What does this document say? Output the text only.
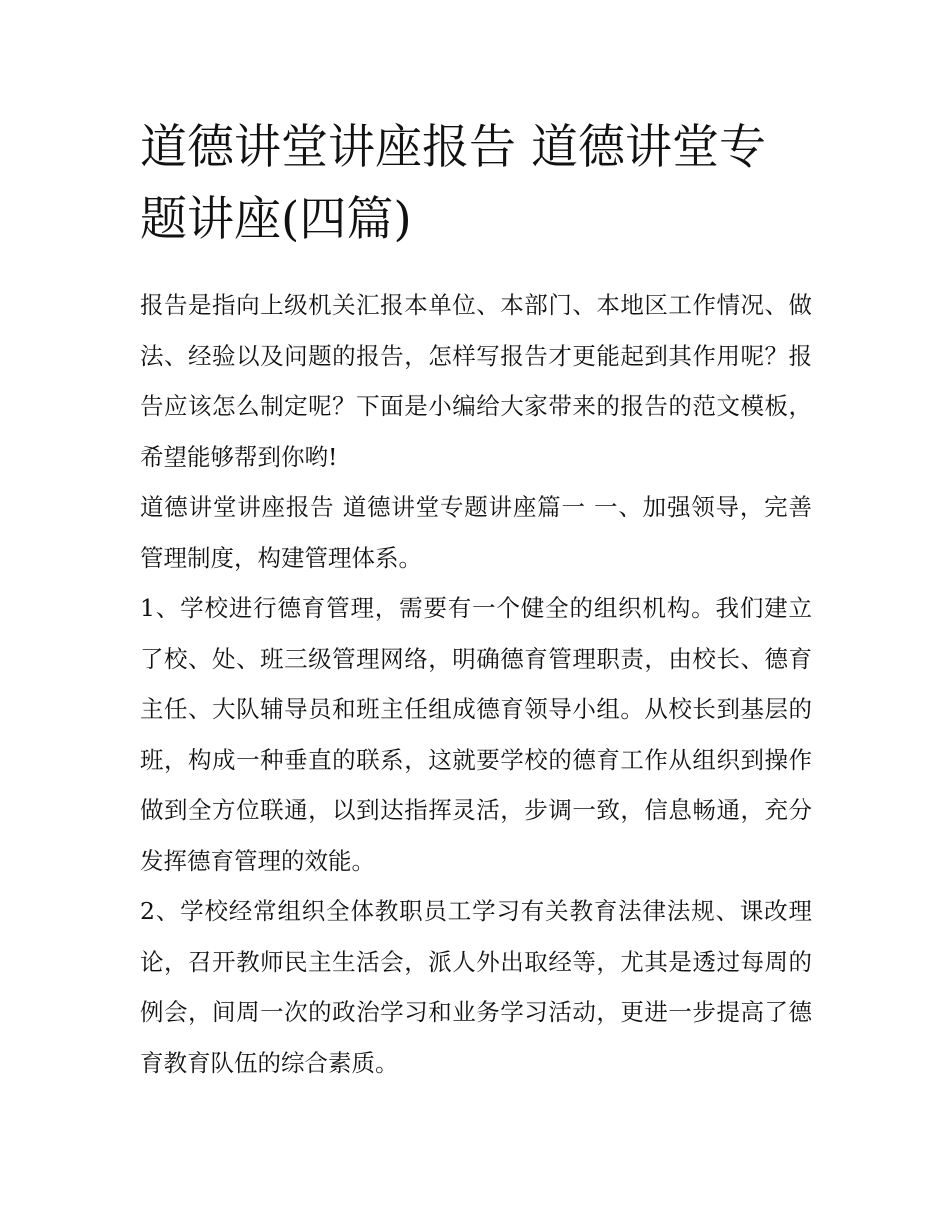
道德讲堂讲座报告 道德讲堂专题讲座(四篇)

报告是指向上级机关汇报本单位、本部门、本地区工作情况、做法、经验以及问题的报告，怎样写报告才更能起到其作用呢？报告应该怎么制定呢？下面是小编给大家带来的报告的范文模板，希望能够帮到你哟!

道德讲堂讲座报告 道德讲堂专题讲座篇一 一、加强领导，完善管理制度，构建管理体系。

1、学校进行德育管理，需要有一个健全的组织机构。我们建立了校、处、班三级管理网络，明确德育管理职责，由校长、德育主任、大队辅导员和班主任组成德育领导小组。从校长到基层的班，构成一种垂直的联系，这就要学校的德育工作从组织到操作做到全方位联通，以到达指挥灵活，步调一致，信息畅通，充分发挥德育管理的效能。

2、学校经常组织全体教职员工学习有关教育法律法规、课改理论，召开教师民主生活会，派人外出取经等，尤其是透过每周的例会，间周一次的政治学习和业务学习活动，更进一步提高了德育教育队伍的综合素质。
